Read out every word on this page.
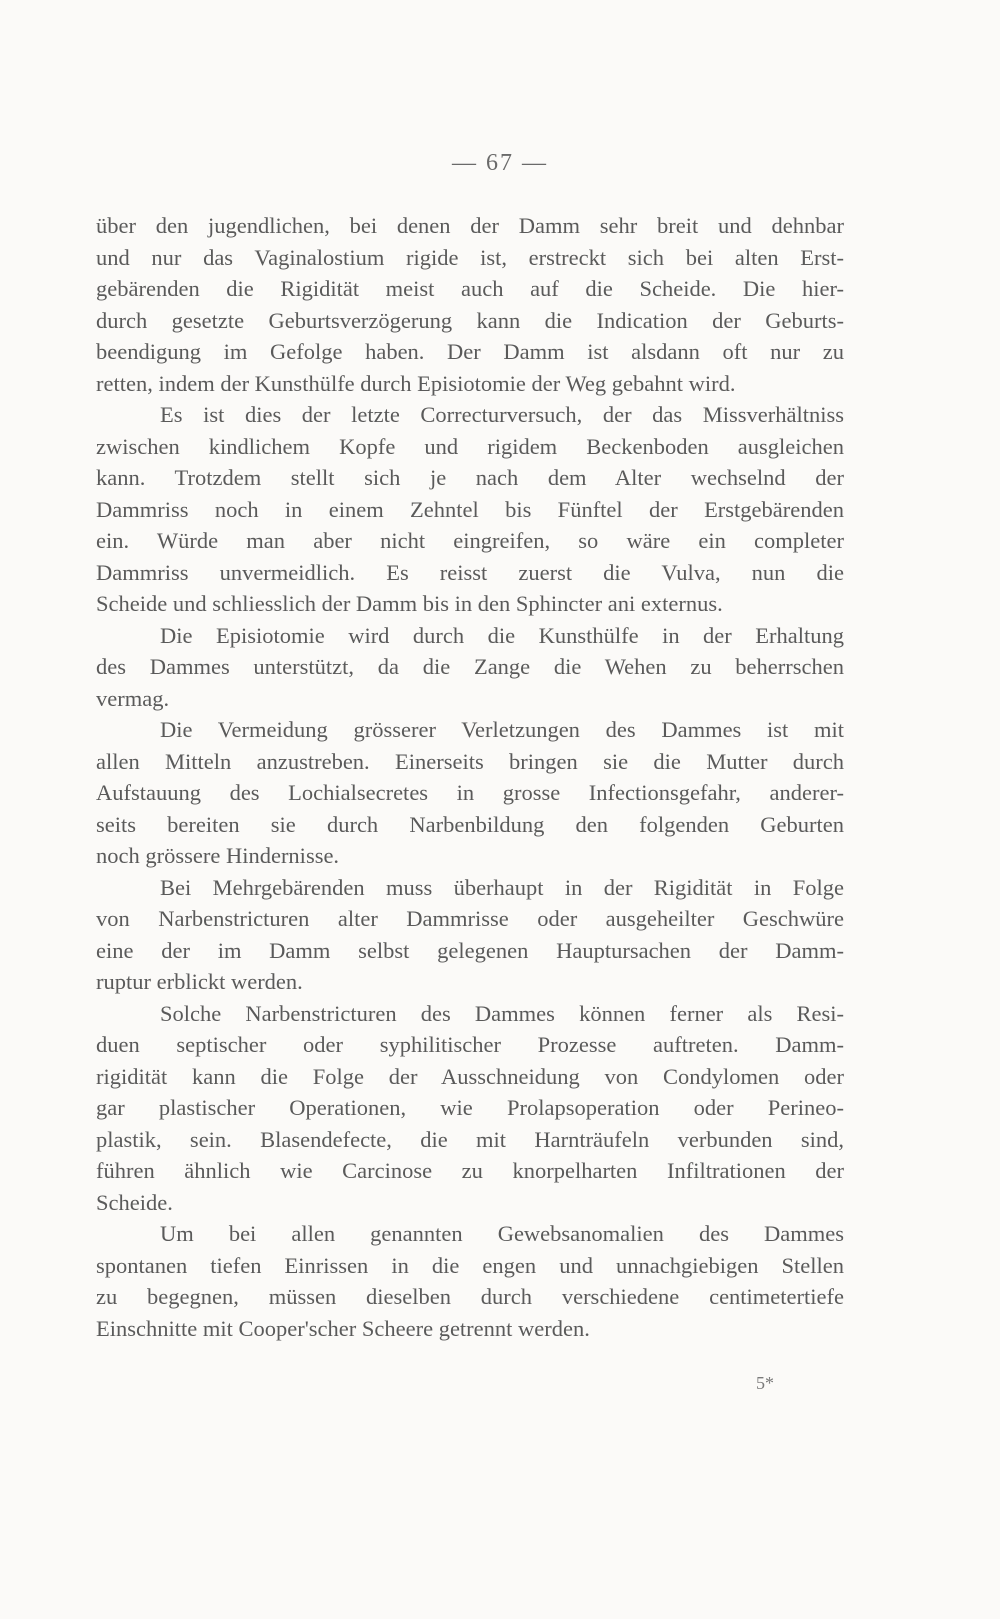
— 67 —
über den jugendlichen, bei denen der Damm sehr breit und dehnbar
und nur das Vaginalostium rigide ist, erstreckt sich bei alten Erst-
gebärenden die Rigidität meist auch auf die Scheide. Die hier-
durch gesetzte Geburtsverzögerung kann die Indication der Geburts-
beendigung im Gefolge haben. Der Damm ist alsdann oft nur zu
retten, indem der Kunsthülfe durch Episiotomie der Weg gebahnt wird.
Es ist dies der letzte Correcturversuch, der das Missverhältniss
zwischen kindlichem Kopfe und rigidem Beckenboden ausgleichen
kann. Trotzdem stellt sich je nach dem Alter wechselnd der
Dammriss noch in einem Zehntel bis Fünftel der Erstgebärenden
ein. Würde man aber nicht eingreifen, so wäre ein completer
Dammriss unvermeidlich. Es reisst zuerst die Vulva, nun die
Scheide und schliesslich der Damm bis in den Sphincter ani externus.
Die Episiotomie wird durch die Kunsthülfe in der Erhaltung
des Dammes unterstützt, da die Zange die Wehen zu beherrschen
vermag.
Die Vermeidung grösserer Verletzungen des Dammes ist mit
allen Mitteln anzustreben. Einerseits bringen sie die Mutter durch
Aufstauung des Lochialsecretes in grosse Infectionsgefahr, anderer-
seits bereiten sie durch Narbenbildung den folgenden Geburten
noch grössere Hindernisse.
Bei Mehrgebärenden muss überhaupt in der Rigidität in Folge
von Narbenstricturen alter Dammrisse oder ausgeheilter Geschwüre
eine der im Damm selbst gelegenen Hauptursachen der Damm-
ruptur erblickt werden.
Solche Narbenstricturen des Dammes können ferner als Resi-
duen septischer oder syphilitischer Prozesse auftreten. Damm-
rigidität kann die Folge der Ausschneidung von Condylomen oder
gar plastischer Operationen, wie Prolapsoperation oder Perineo-
plastik, sein. Blasendefecte, die mit Harnträufeln verbunden sind,
führen ähnlich wie Carcinose zu knorpelharten Infiltrationen der
Scheide.
Um bei allen genannten Gewebsanomalien des Dammes
spontanen tiefen Einrissen in die engen und unnachgiebigen Stellen
zu begegnen, müssen dieselben durch verschiedene centimetertiefe
Einschnitte mit Cooper'scher Scheere getrennt werden.
5*
